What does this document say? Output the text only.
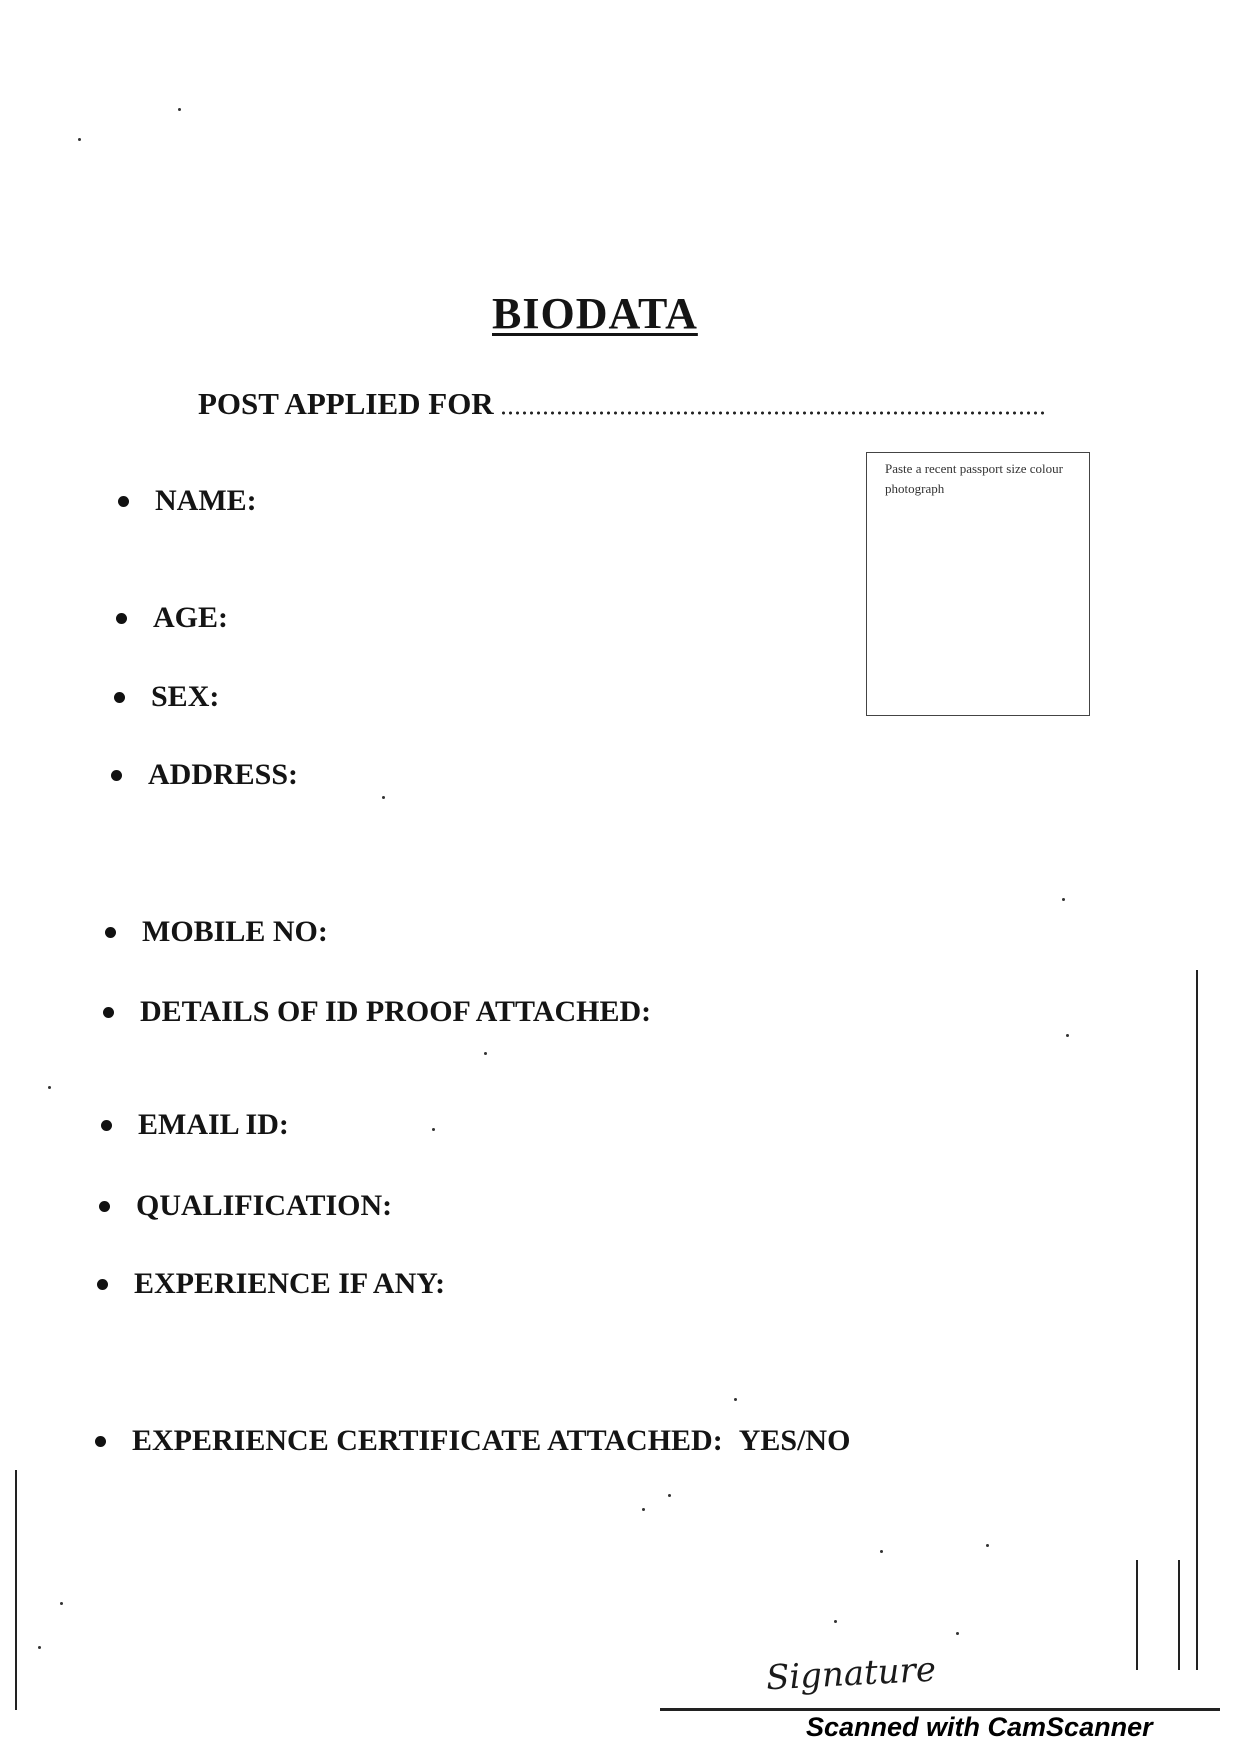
BIODATA
POST APPLIED FOR
Paste a recent passport size colour photograph
NAME:
AGE:
SEX:
ADDRESS:
MOBILE NO:
DETAILS OF ID PROOF ATTACHED:
EMAIL ID:
QUALIFICATION:
EXPERIENCE IF ANY:
EXPERIENCE CERTIFICATE ATTACHED: YES/NO
Signature
Scanned with CamScanner
